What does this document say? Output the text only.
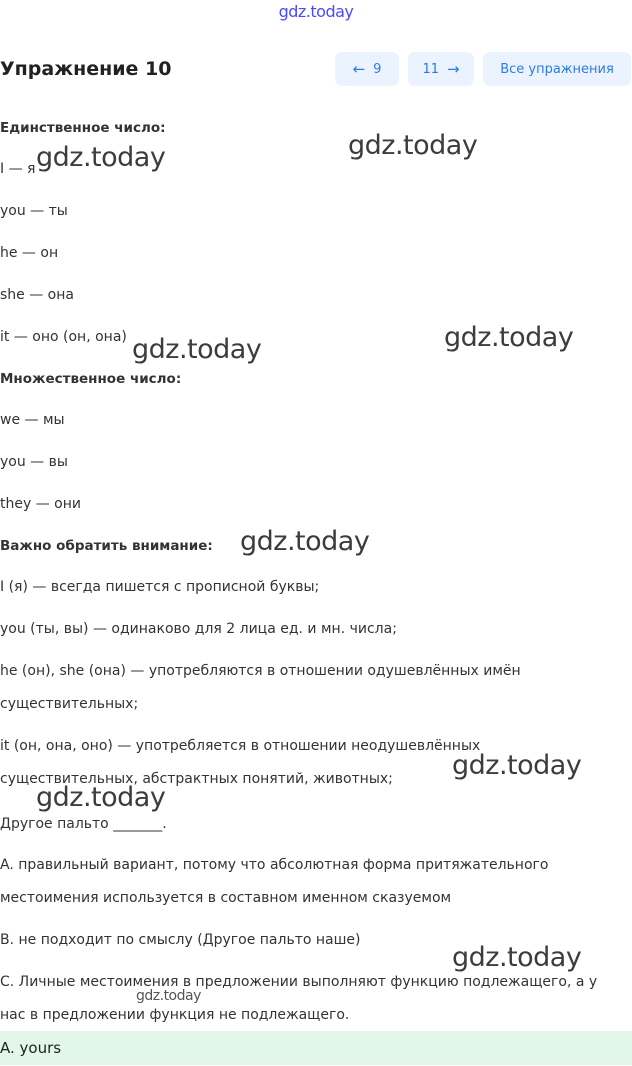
gdz.today
Упражнение 10	← 9	11 →	Все упражнения
Единственное число:
I — я
you — ты
he — он
she — она
it — оно (он, она)
Множественное число:
we — мы
you — вы
they — они
Важно обратить внимание:
I (я) — всегда пишется с прописной буквы;
you (ты, вы) — одинаково для 2 лица ед. и мн. числа;
he (он), she (она) — употребляются в отношении одушевлённых имён
существительных;
it (он, она, оно) — употребляется в отношении неодушевлённых
существительных, абстрактных понятий, животных;
Другое пальто _______.
A. правильный вариант, потому что абсолютная форма притяжательного
местоимения используется в составном именном сказуемом
B. не подходит по смыслу (Другое пальто наше)
C. Личные местоимения в предложении выполняют функцию подлежащего, а у
нас в предложении функция не подлежащего.
A. yours
gdz.today	gdz.today
gdz.today	gdz.today
gdz.today
gdz.today
gdz.today
gdz.today
gdz.today
